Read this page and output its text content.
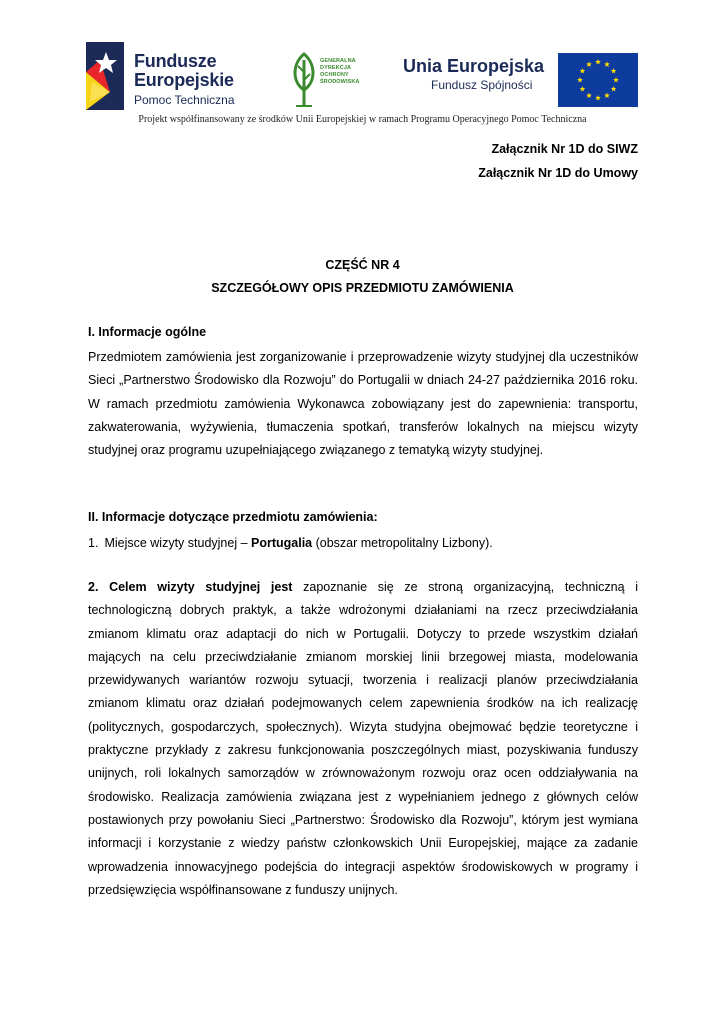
Fundusze
Europejskie
Pomoc Techniczna
GENERALNA
DYREKCJA
OCHRONY
ŚRODOWISKA
Unia Europejska
Fundusz Spójności
Projekt współfinansowany ze środków Unii Europejskiej w ramach Programu Operacyjnego Pomoc Techniczna
Załącznik Nr 1D do SIWZ
Załącznik Nr 1D do Umowy
CZĘŚĆ NR 4
SZCZEGÓŁOWY OPIS PRZEDMIOTU ZAMÓWIENIA
I. Informacje ogólne
Przedmiotem zamówienia jest zorganizowanie i przeprowadzenie wizyty studyjnej dla uczestników Sieci „Partnerstwo Środowisko dla Rozwoju” do Portugalii w dniach 24-27 października 2016 roku. W ramach przedmiotu zamówienia Wykonawca zobowiązany jest do zapewnienia: transportu, zakwaterowania, wyżywienia, tłumaczenia spotkań, transferów lokalnych na miejscu wizyty studyjnej oraz programu uzupełniającego związanego z tematyką wizyty studyjnej.
II. Informacje dotyczące przedmiotu zamówienia:
1. Miejsce wizyty studyjnej – Portugalia (obszar metropolitalny Lizbony).
2. Celem wizyty studyjnej jest zapoznanie się ze stroną organizacyjną, techniczną i technologiczną dobrych praktyk, a także wdrożonymi działaniami na rzecz przeciwdziałania zmianom klimatu oraz adaptacji do nich w Portugalii. Dotyczy to przede wszystkim działań mających na celu przeciwdziałanie zmianom morskiej linii brzegowej miasta, modelowania przewidywanych wariantów rozwoju sytuacji, tworzenia i realizacji planów przeciwdziałania zmianom klimatu oraz działań podejmowanych celem zapewnienia środków na ich realizację (politycznych, gospodarczych, społecznych). Wizyta studyjna obejmować będzie teoretyczne i praktyczne przykłady z zakresu funkcjonowania poszczególnych miast, pozyskiwania funduszy unijnych, roli lokalnych samorządów w zrównoważonym rozwoju oraz ocen oddziaływania na środowisko. Realizacja zamówienia związana jest z wypełnianiem jednego z głównych celów postawionych przy powołaniu Sieci „Partnerstwo: Środowisko dla Rozwoju”, którym jest wymiana informacji i korzystanie z wiedzy państw członkowskich Unii Europejskiej, mające za zadanie wprowadzenia innowacyjnego podejścia do integracji aspektów środowiskowych w programy i przedsięwzięcia współfinansowane z funduszy unijnych.
